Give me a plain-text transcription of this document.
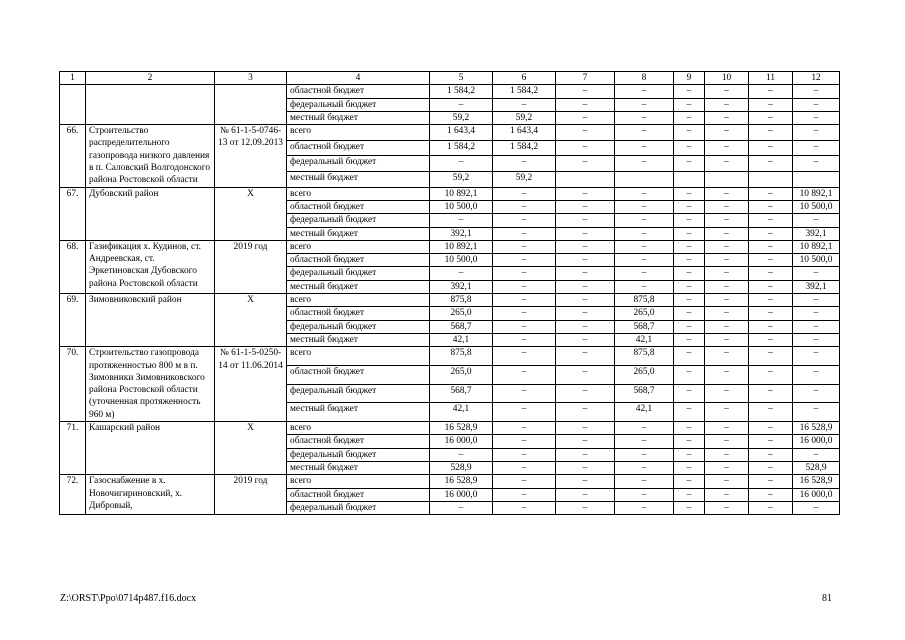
1	2	3	4	5	6	7	8	9	10	11	12
			областной бюджет	1 584,2	1 584,2	–	–	–	–	–	–
			федеральный бюджет	–	–	–	–	–	–	–	–
			местный бюджет	59,2	59,2	–	–	–	–	–	–
66.	Строительство распределительного газопровода низкого давления в п. Саловский Волгодонского района Ростовской области	№ 61-1-5-0746-13 от 12.09.2013	всего	1 643,4	1 643,4	–	–	–	–	–	–
			областной бюджет	1 584,2	1 584,2	–	–	–	–	–	–
			федеральный бюджет	–	–	–	–	–	–	–	–
			местный бюджет	59,2	59,2						
67.	Дубовский район	Х	всего	10 892,1	–	–	–	–	–	–	10 892,1
			областной бюджет	10 500,0	–	–	–	–	–	–	10 500,0
			федеральный бюджет	–	–	–	–	–	–	–	–
			местный бюджет	392,1	–	–	–	–	–	–	392,1
68.	Газификация х. Кудинов, ст. Андреевская, ст. Эркетиновская Дубовского района Ростовской области	2019 год	всего	10 892,1	–	–	–	–	–	–	10 892,1
			областной бюджет	10 500,0	–	–	–	–	–	–	10 500,0
			федеральный бюджет	–	–	–	–	–	–	–	–
			местный бюджет	392,1	–	–	–	–	–	–	392,1
69.	Зимовниковский район	Х	всего	875,8	–	–	875,8	–	–	–	–
			областной бюджет	265,0	–	–	265,0	–	–	–	–
			федеральный бюджет	568,7	–	–	568,7	–	–	–	–
			местный бюджет	42,1	–	–	42,1	–	–	–	–
70.	Строительство газопровода протяженностью 800 м в п. Зимовники Зимовниковского района Ростовской области (уточненная протяженность 960 м)	№ 61-1-5-0250-14 от 11.06.2014	всего	875,8	–	–	875,8	–	–	–	–
			областной бюджет	265,0	–	–	265,0	–	–	–	–
			федеральный бюджет	568,7	–	–	568,7	–	–	–	–
			местный бюджет	42,1	–	–	42,1	–	–	–	–
71.	Кашарский район	Х	всего	16 528,9	–	–	–	–	–	–	16 528,9
			областной бюджет	16 000,0	–	–	–	–	–	–	16 000,0
			федеральный бюджет	–	–	–	–	–	–	–	–
			местный бюджет	528,9	–	–	–	–	–	–	528,9
72.	Газоснабжение в х. Новочигириновский, х. Дибровый,	2019 год	всего	16 528,9	–	–	–	–	–	–	16 528,9
			областной бюджет	16 000,0	–	–	–	–	–	–	16 000,0
			федеральный бюджет	–	–	–	–	–	–	–	–
Z:\ORST\Ppo\0714p487.f16.docx	81
